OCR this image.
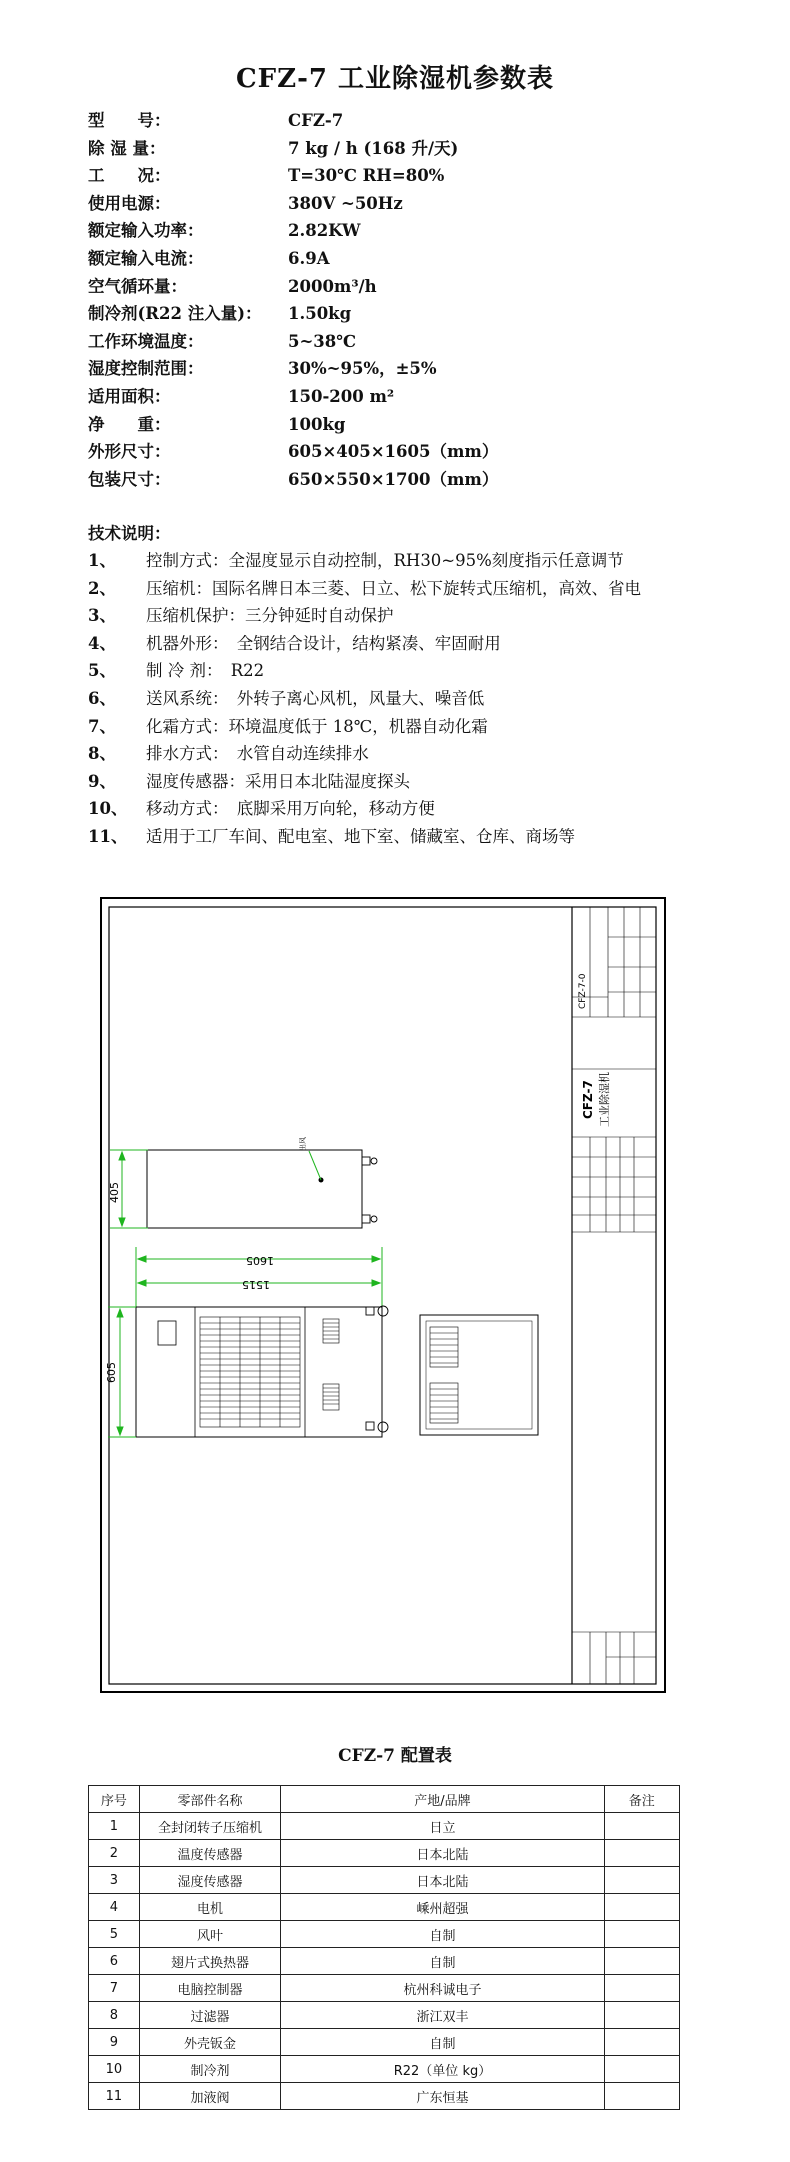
CFZ-7 工业除湿机参数表
型　　号：	CFZ-7
除 湿 量：	7 kg / h (168 升/天)
工　　况：	T=30℃ RH=80%
使用电源：	380V ~50Hz
额定输入功率：	2.82KW
额定输入电流：	6.9A
空气循环量：	2000m³/h
制冷剂(R22 注入量)： 1.50kg
工作环境温度：	5~38℃
湿度控制范围：	30%~95%，±5%
适用面积：	150-200 m²
净　　重：	100kg
外形尺寸：	605×405×1605（mm）
包装尺寸：	650×550×1700（mm）
技术说明：
1、 控制方式：全湿度显示自动控制，RH30~95%刻度指示任意调节
2、 压缩机：国际名牌日本三菱、日立、松下旋转式压缩机，高效、省电
3、 压缩机保护：三分钟延时自动保护
4、 机器外形：　全钢结合设计，结构紧凑、牢固耐用
5、 制 冷 剂：　R22
6、 送风系统：　外转子离心风机，风量大、噪音低
7、 化霜方式：环境温度低于 18℃，机器自动化霜
8、 排水方式：　水管自动连续排水
9、 湿度传感器：采用日本北陆湿度探头
10、 移动方式：　底脚采用万向轮，移动方便
11、 适用于工厂车间、配电室、地下室、储藏室、仓库、商场等
CFZ-7-0
CFZ-7 工业除湿机
出风
405
1605
1515
605
CFZ-7 配置表
序号	零部件名称	产地/品牌	备注
1	全封闭转子压缩机	日立	
2	温度传感器	日本北陆	
3	湿度传感器	日本北陆	
4	电机	嵊州超强	
5	风叶	自制	
6	翅片式换热器	自制	
7	电脑控制器	杭州科诚电子	
8	过滤器	浙江双丰	
9	外壳钣金	自制	
10	制冷剂	R22（单位 kg）	
11	加液阀	广东恒基	
